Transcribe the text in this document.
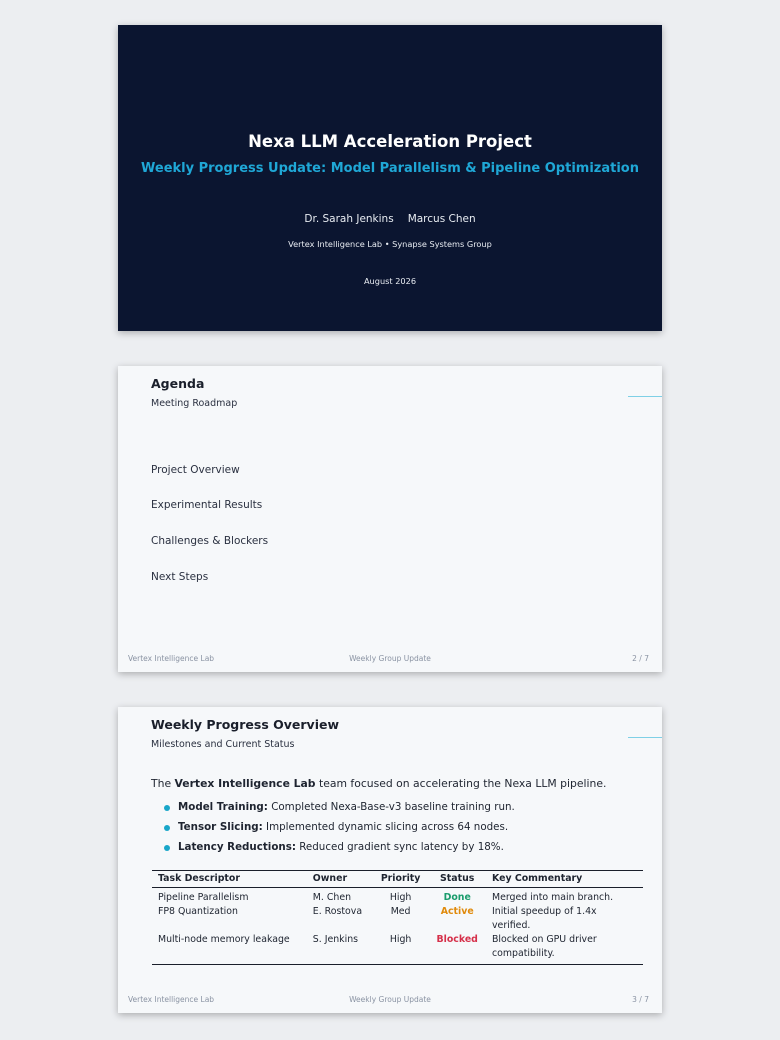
Nexa LLM Acceleration Project
Weekly Progress Update: Model Parallelism & Pipeline Optimization
Dr. Sarah Jenkins Marcus Chen
Vertex Intelligence Lab • Synapse Systems Group
August 2026
Agenda
Meeting Roadmap
Project Overview
Experimental Results
Challenges & Blockers
Next Steps
Vertex Intelligence Lab	Weekly Group Update	2 / 7
Weekly Progress Overview
Milestones and Current Status
The Vertex Intelligence Lab team focused on accelerating the Nexa LLM pipeline.
Model Training: Completed Nexa-Base-v3 baseline training run.
Tensor Slicing: Implemented dynamic slicing across 64 nodes.
Latency Reductions: Reduced gradient sync latency by 18%.
Task Descriptor	Owner	Priority	Status	Key Commentary
Pipeline Parallelism	M. Chen	High	Done	Merged into main branch.
FP8 Quantization	E. Rostova	Med	Active	Initial speedup of 1.4x verified.
Multi-node memory leakage	S. Jenkins	High	Blocked	Blocked on GPU driver compatibility.
Vertex Intelligence Lab	Weekly Group Update	3 / 7
